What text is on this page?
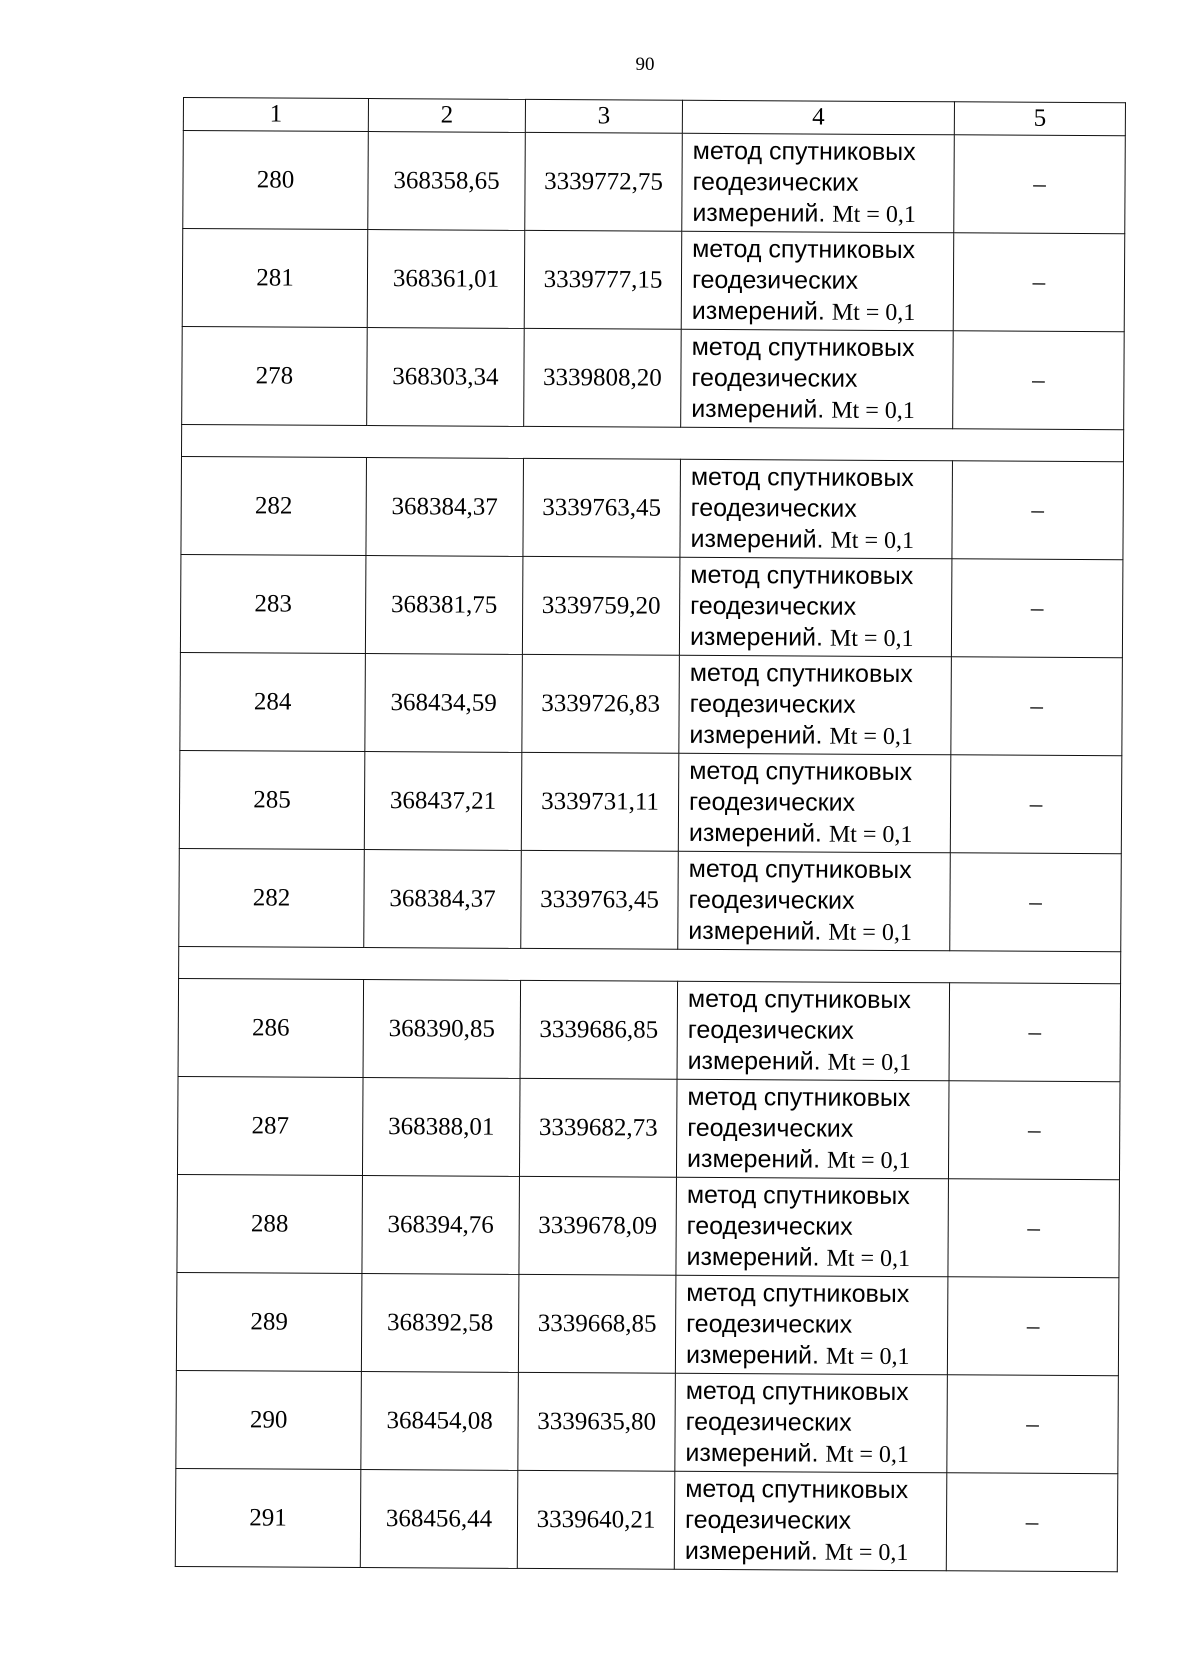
90
1	2	3	4	5
280	368358,65	3339772,75	метод спутниковых
геодезических
измерений. Mt = 0,1	–
281	368361,01	3339777,15	метод спутниковых
геодезических
измерений. Mt = 0,1	–
278	368303,34	3339808,20	метод спутниковых
геодезических
измерений. Mt = 0,1	–

282	368384,37	3339763,45	метод спутниковых
геодезических
измерений. Mt = 0,1	–
283	368381,75	3339759,20	метод спутниковых
геодезических
измерений. Mt = 0,1	–
284	368434,59	3339726,83	метод спутниковых
геодезических
измерений. Mt = 0,1	–
285	368437,21	3339731,11	метод спутниковых
геодезических
измерений. Mt = 0,1	–
282	368384,37	3339763,45	метод спутниковых
геодезических
измерений. Mt = 0,1	–

286	368390,85	3339686,85	метод спутниковых
геодезических
измерений. Mt = 0,1	–
287	368388,01	3339682,73	метод спутниковых
геодезических
измерений. Mt = 0,1	–
288	368394,76	3339678,09	метод спутниковых
геодезических
измерений. Mt = 0,1	–
289	368392,58	3339668,85	метод спутниковых
геодезических
измерений. Mt = 0,1	–
290	368454,08	3339635,80	метод спутниковых
геодезических
измерений. Mt = 0,1	–
291	368456,44	3339640,21	метод спутниковых
геодезических
измерений. Mt = 0,1	–
